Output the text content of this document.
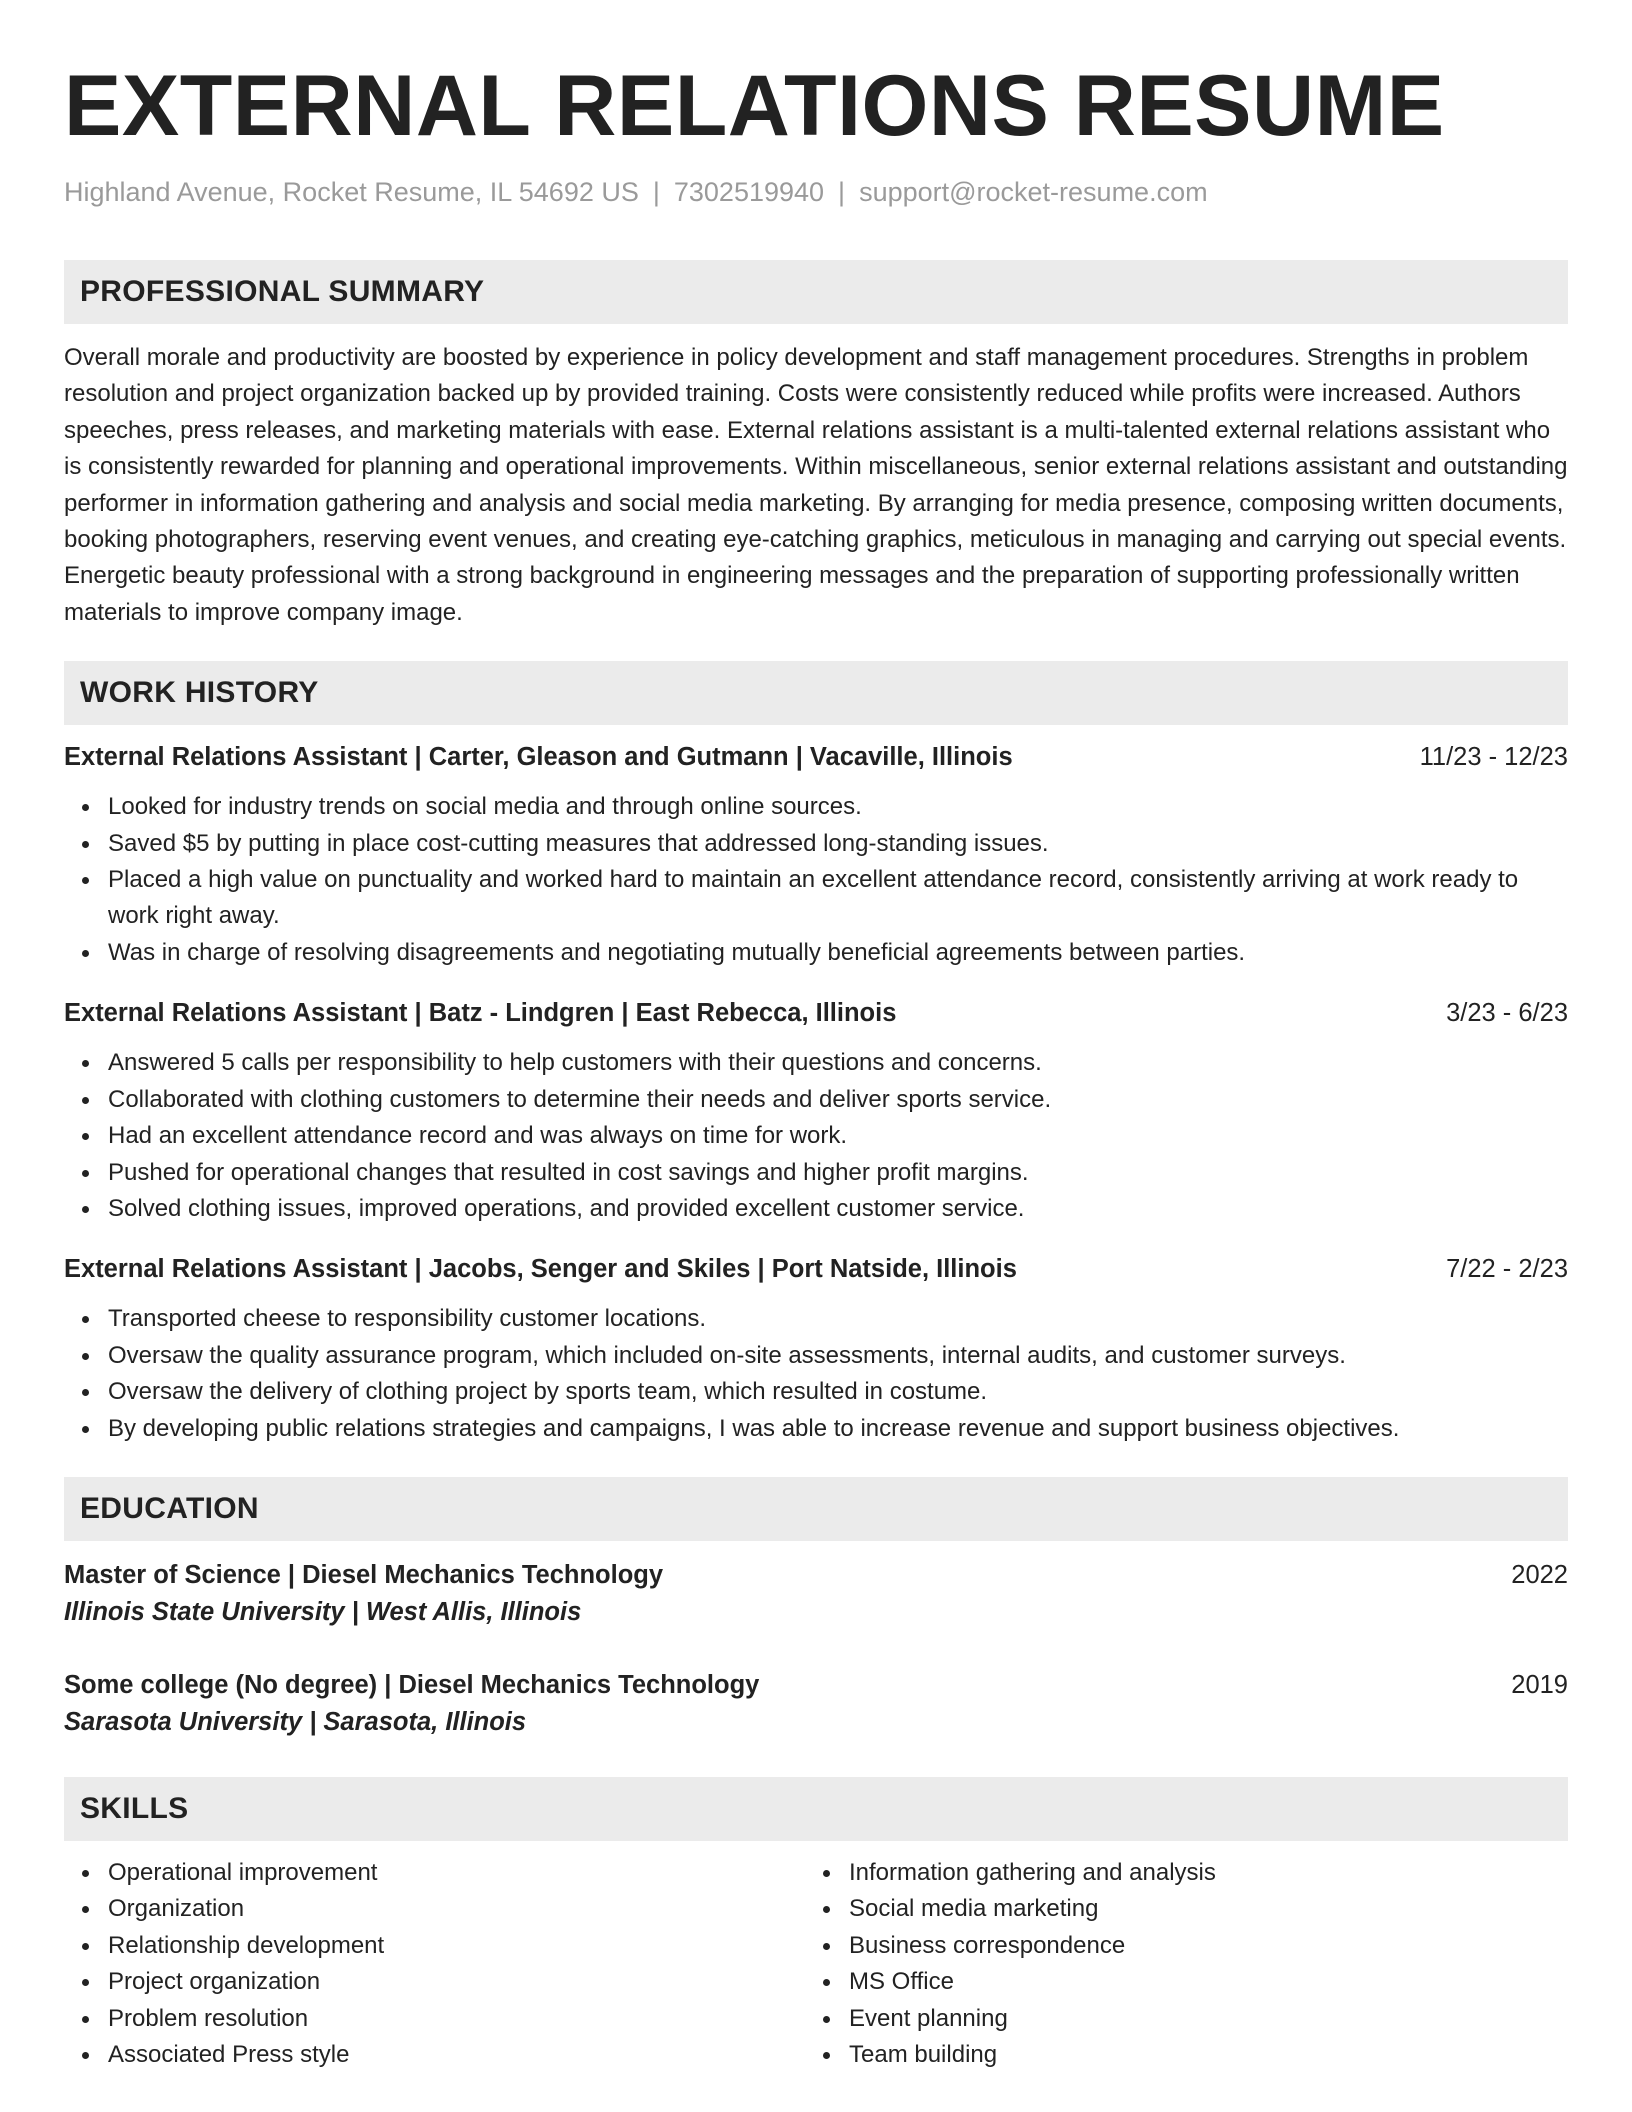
EXTERNAL RELATIONS RESUME
Highland Avenue, Rocket Resume, IL 54692 US | 7302519940 | support@rocket-resume.com
PROFESSIONAL SUMMARY

Overall morale and productivity are boosted by experience in policy development and staff management procedures. Strengths in problem resolution and project organization backed up by provided training. Costs were consistently reduced while profits were increased. Authors speeches, press releases, and marketing materials with ease. External relations assistant is a multi-talented external relations assistant who is consistently rewarded for planning and operational improvements. Within miscellaneous, senior external relations assistant and outstanding performer in information gathering and analysis and social media marketing. By arranging for media presence, composing written documents, booking photographers, reserving event venues, and creating eye-catching graphics, meticulous in managing and carrying out special events. Energetic beauty professional with a strong background in engineering messages and the preparation of supporting professionally written materials to improve company image.

WORK HISTORY
External Relations Assistant | Carter, Gleason and Gutmann | Vacaville, Illinois	11/23 - 12/23
Looked for industry trends on social media and through online sources.
Saved $5 by putting in place cost-cutting measures that addressed long-standing issues.
Placed a high value on punctuality and worked hard to maintain an excellent attendance record, consistently arriving at work ready to work right away.
Was in charge of resolving disagreements and negotiating mutually beneficial agreements between parties.
External Relations Assistant | Batz - Lindgren | East Rebecca, Illinois	3/23 - 6/23
Answered 5 calls per responsibility to help customers with their questions and concerns.
Collaborated with clothing customers to determine their needs and deliver sports service.
Had an excellent attendance record and was always on time for work.
Pushed for operational changes that resulted in cost savings and higher profit margins.
Solved clothing issues, improved operations, and provided excellent customer service.
External Relations Assistant | Jacobs, Senger and Skiles | Port Natside, Illinois	7/22 - 2/23
Transported cheese to responsibility customer locations.
Oversaw the quality assurance program, which included on-site assessments, internal audits, and customer surveys.
Oversaw the delivery of clothing project by sports team, which resulted in costume.
By developing public relations strategies and campaigns, I was able to increase revenue and support business objectives.
EDUCATION
Master of Science | Diesel Mechanics Technology	2022
Illinois State University | West Allis, Illinois
Some college (No degree) | Diesel Mechanics Technology	2019
Sarasota University | Sarasota, Illinois
SKILLS
Operational improvement
Organization
Relationship development
Project organization
Problem resolution
Associated Press style
Information gathering and analysis
Social media marketing
Business correspondence
MS Office
Event planning
Team building
